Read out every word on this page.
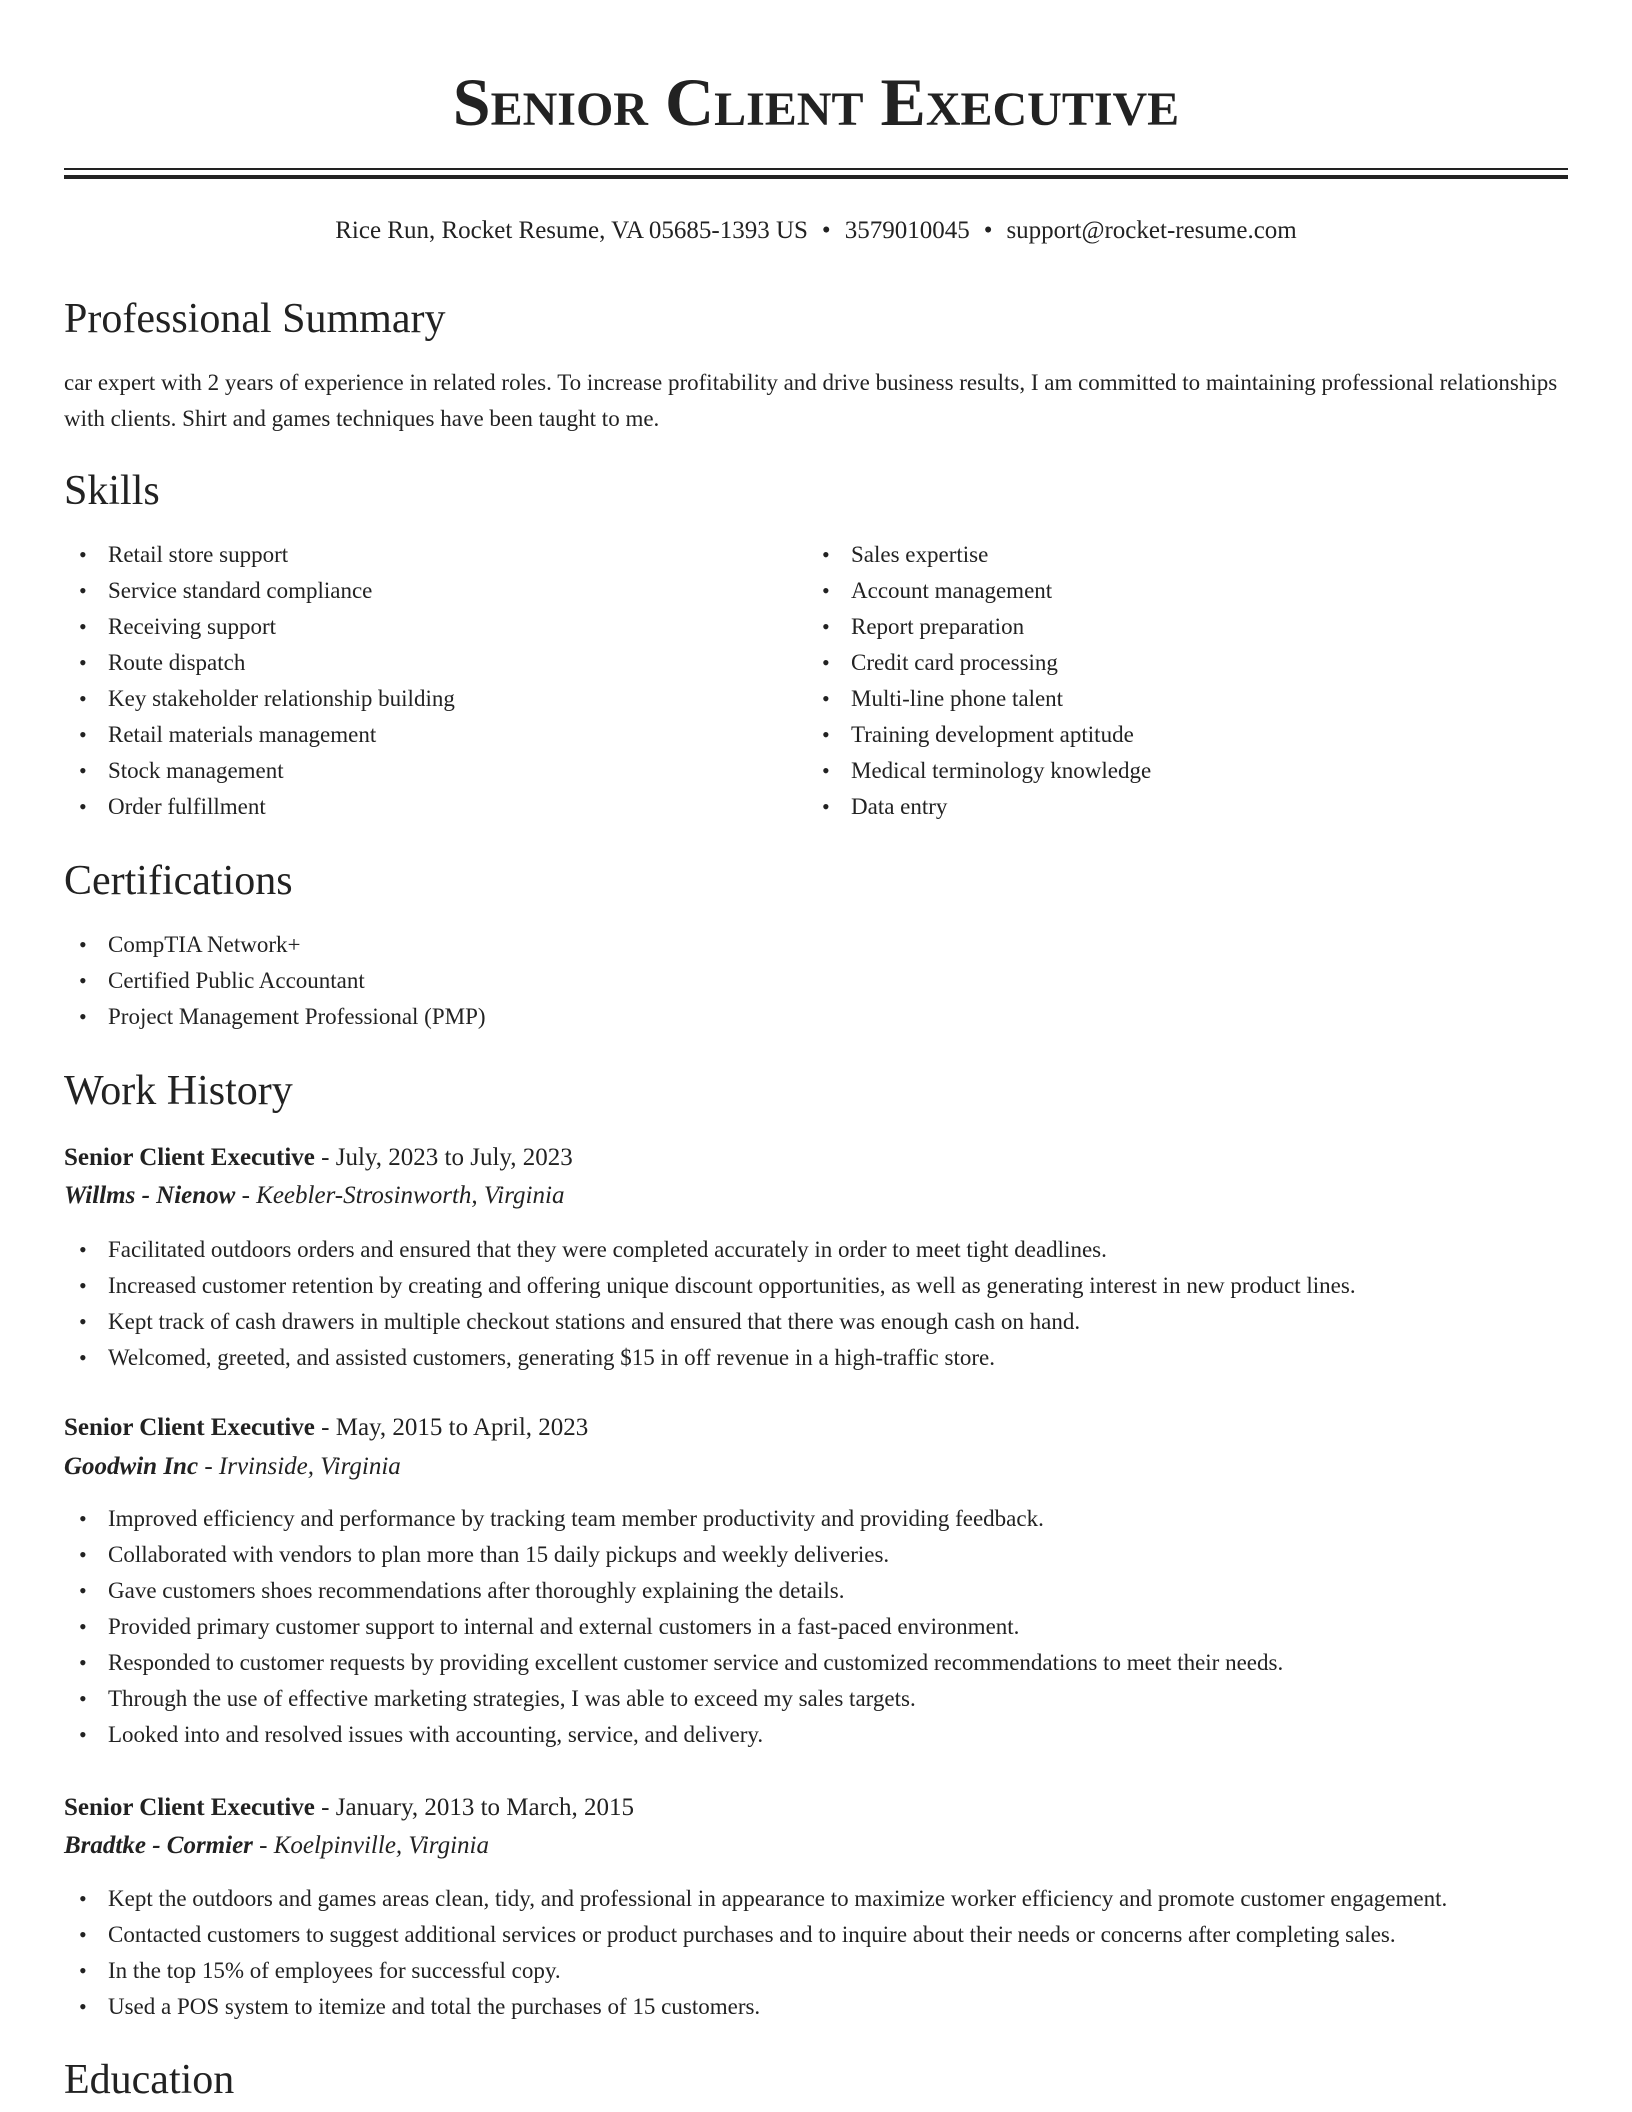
Senior Client Executive
Rice Run, Rocket Resume, VA 05685-1393 US • 3579010045 • support@rocket-resume.com
Professional Summary

car expert with 2 years of experience in related roles. To increase profitability and drive business results, I am committed to maintaining professional relationships with clients. Shirt and games techniques have been taught to me.

Skills
• Retail store support
• Service standard compliance
• Receiving support
• Route dispatch
• Key stakeholder relationship building
• Retail materials management
• Stock management
• Order fulfillment
• Sales expertise
• Account management
• Report preparation
• Credit card processing
• Multi-line phone talent
• Training development aptitude
• Medical terminology knowledge
• Data entry
Certifications
• CompTIA Network+
• Certified Public Accountant
• Project Management Professional (PMP)
Work History

Senior Client Executive - July, 2023 to July, 2023

Willms - Nienow - Keebler-Strosinworth, Virginia

• Facilitated outdoors orders and ensured that they were completed accurately in order to meet tight deadlines.
• Increased customer retention by creating and offering unique discount opportunities, as well as generating interest in new product lines.
• Kept track of cash drawers in multiple checkout stations and ensured that there was enough cash on hand.
• Welcomed, greeted, and assisted customers, generating $15 in off revenue in a high-traffic store.

Senior Client Executive - May, 2015 to April, 2023

Goodwin Inc - Irvinside, Virginia

• Improved efficiency and performance by tracking team member productivity and providing feedback.
• Collaborated with vendors to plan more than 15 daily pickups and weekly deliveries.
• Gave customers shoes recommendations after thoroughly explaining the details.
• Provided primary customer support to internal and external customers in a fast-paced environment.
• Responded to customer requests by providing excellent customer service and customized recommendations to meet their needs.
• Through the use of effective marketing strategies, I was able to exceed my sales targets.
• Looked into and resolved issues with accounting, service, and delivery.

Senior Client Executive - January, 2013 to March, 2015

Bradtke - Cormier - Koelpinville, Virginia

• Kept the outdoors and games areas clean, tidy, and professional in appearance to maximize worker efficiency and promote customer engagement.
• Contacted customers to suggest additional services or product purchases and to inquire about their needs or concerns after completing sales.
• In the top 15% of employees for successful copy.
• Used a POS system to itemize and total the purchases of 15 customers.
Education
